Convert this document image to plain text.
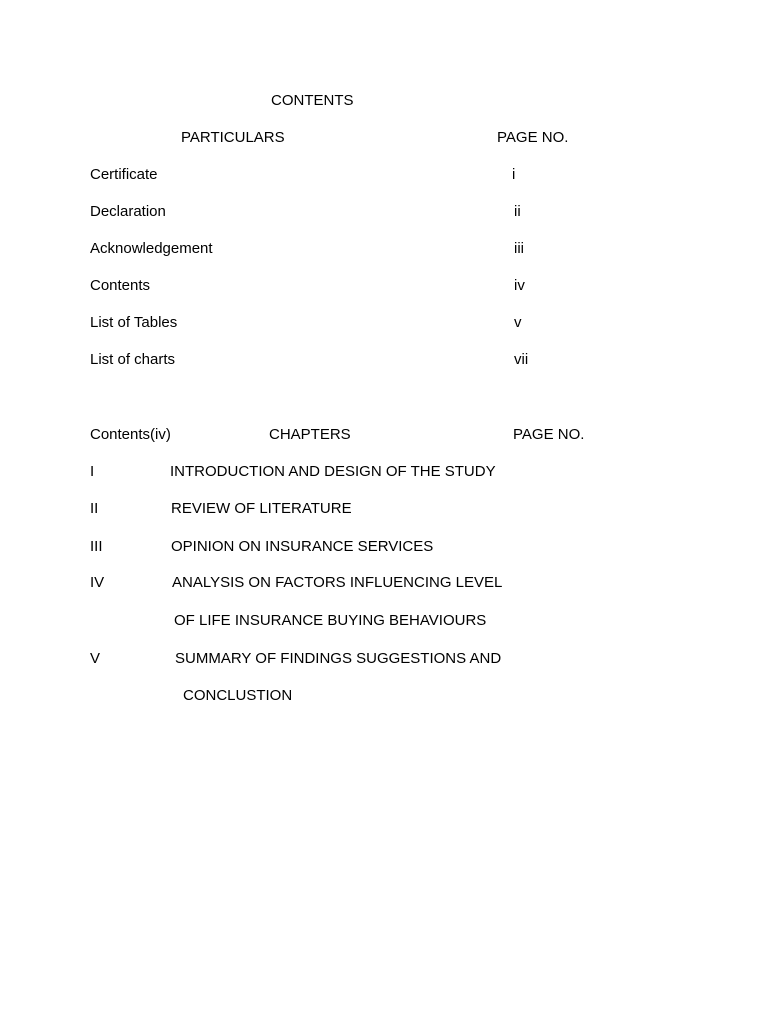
CONTENTS
PARTICULARS	PAGE NO.
Certificate	i
Declaration	ii
Acknowledgement	iii
Contents	iv
List of Tables	v
List of charts	vii
Contents(iv)	CHAPTERS	PAGE NO.
I	INTRODUCTION AND DESIGN OF THE STUDY
II	REVIEW OF LITERATURE
III	OPINION ON INSURANCE SERVICES
IV	ANALYSIS ON FACTORS INFLUENCING LEVEL
OF LIFE INSURANCE BUYING BEHAVIOURS
V	SUMMARY OF FINDINGS SUGGESTIONS AND
CONCLUSTION
